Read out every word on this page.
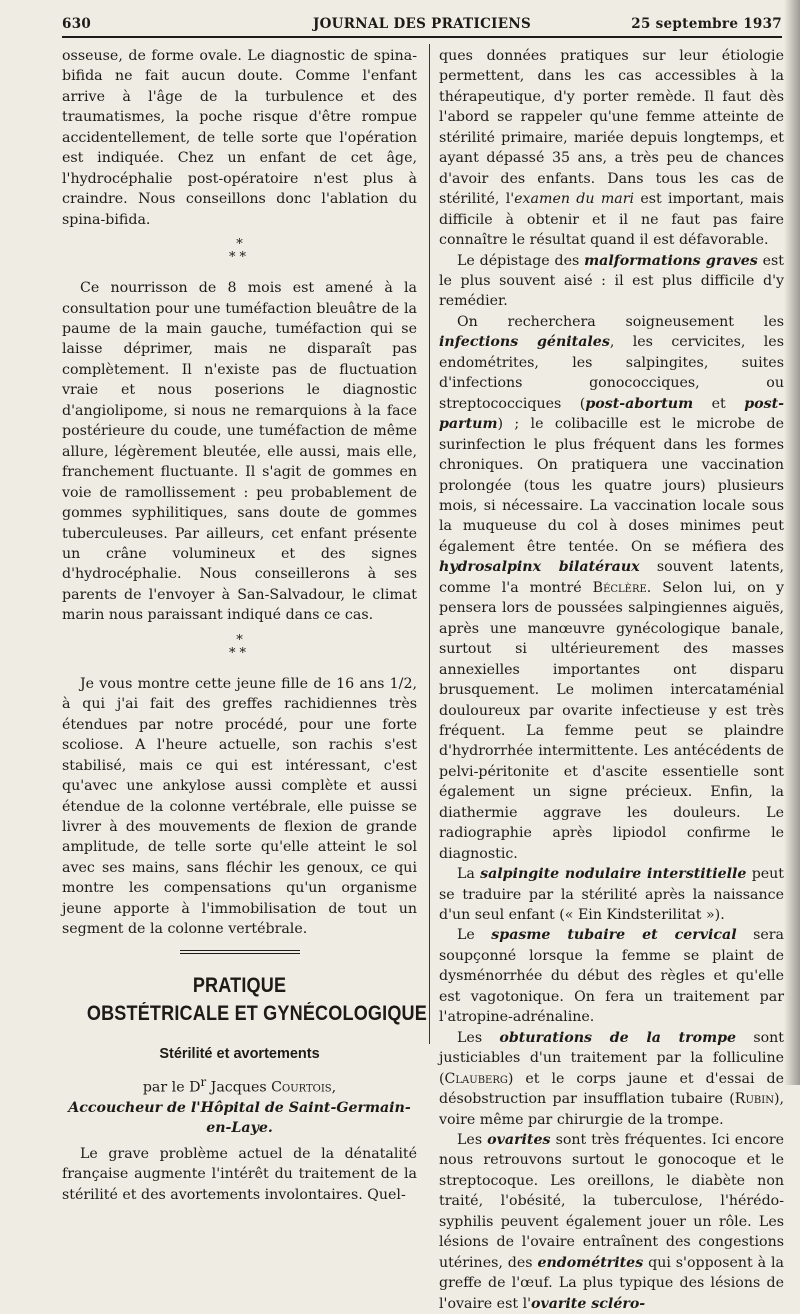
630	JOURNAL DES PRATICIENS	25 septembre 1937

osseuse, de forme ovale. Le diagnostic de spina-bifida ne fait aucun doute. Comme l'enfant arrive à l'âge de la turbulence et des traumatismes, la poche risque d'être rompue accidentellement, de telle sorte que l'opération est indiquée. Chez un enfant de cet âge, l'hydrocéphalie post-opératoire n'est plus à craindre. Nous conseillons donc l'ablation du spina-bifida.

*
**

Ce nourrisson de 8 mois est amené à la consultation pour une tuméfaction bleuâtre de la paume de la main gauche, tuméfaction qui se laisse déprimer, mais ne disparaît pas complètement. Il n'existe pas de fluctuation vraie et nous poserions le diagnostic d'angiolipome, si nous ne remarquions à la face postérieure du coude, une tuméfaction de même allure, légèrement bleutée, elle aussi, mais elle, franchement fluctuante. Il s'agit de gommes en voie de ramollissement : peu probablement de gommes syphilitiques, sans doute de gommes tuberculeuses. Par ailleurs, cet enfant présente un crâne volumineux et des signes d'hydrocéphalie. Nous conseillerons à ses parents de l'envoyer à San-Salvadour, le climat marin nous paraissant indiqué dans ce cas.

*
**

Je vous montre cette jeune fille de 16 ans 1/2, à qui j'ai fait des greffes rachidiennes très étendues par notre procédé, pour une forte scoliose. A l'heure actuelle, son rachis s'est stabilisé, mais ce qui est intéressant, c'est qu'avec une ankylose aussi complète et aussi étendue de la colonne vertébrale, elle puisse se livrer à des mouvements de flexion de grande amplitude, de telle sorte qu'elle atteint le sol avec ses mains, sans fléchir les genoux, ce qui montre les compensations qu'un organisme jeune apporte à l'immobilisation de tout un segment de la colonne vertébrale.

PRATIQUE
OBSTÉTRICALE ET GYNÉCOLOGIQUE
Stérilité et avortements
par le $D^r$ Jacques Courtois,
Accoucheur de l'Hôpital de Saint-Germain-en-Laye.

Le grave problème actuel de la dénatalité française augmente l'intérêt du traitement de la stérilité et des avortements involontaires. Quel-

ques données pratiques sur leur étiologie permettent, dans les cas accessibles à la thérapeutique, d'y porter remède. Il faut dès l'abord se rappeler qu'une femme atteinte de stérilité primaire, mariée depuis longtemps, et ayant dépassé 35 ans, a très peu de chances d'avoir des enfants. Dans tous les cas de stérilité, l'examen du mari est important, mais difficile à obtenir et il ne faut pas faire connaître le résultat quand il est défavorable.

Le dépistage des malformations graves est le plus souvent aisé : il est plus difficile d'y remédier.

On recherchera soigneusement les infections génitales, les cervicites, les endométrites, les salpingites, suites d'infections gonococciques, ou streptococciques (post-abortum et post-partum) ; le colibacille est le microbe de surinfection le plus fréquent dans les formes chroniques. On pratiquera une vaccination prolongée (tous les quatre jours) plusieurs mois, si nécessaire. La vaccination locale sous la muqueuse du col à doses minimes peut également être tentée. On se méfiera des hydrosalpinx bilatéraux souvent latents, comme l'a montré Béclère. Selon lui, on y pensera lors de poussées salpingiennes aiguës, après une manœuvre gynécologique banale, surtout si ultérieurement des masses annexielles importantes ont disparu brusquement. Le molimen intercataménial douloureux par ovarite infectieuse y est très fréquent. La femme peut se plaindre d'hydrorrhée intermittente. Les antécédents de pelvi-péritonite et d'ascite essentielle sont également un signe précieux. Enfin, la diathermie aggrave les douleurs. Le radiographie après lipiodol confirme le diagnostic.

La salpingite nodulaire interstitielle peut se traduire par la stérilité après la naissance d'un seul enfant (« Ein Kindsterilitat »).

Le spasme tubaire et cervical sera soupçonné lorsque la femme se plaint de dysménorrhée du début des règles et qu'elle est vagotonique. On fera un traitement par l'atropine-adrénaline.

Les obturations de la trompe sont justiciables d'un traitement par la folliculine (Clauberg) et le corps jaune et d'essai de désobstruction par insufflation tubaire (Rubin), voire même par chirurgie de la trompe.

Les ovarites sont très fréquentes. Ici encore nous retrouvons surtout le gonocoque et le streptocoque. Les oreillons, le diabète non traité, l'obésité, la tuberculose, l'hérédo-syphilis peuvent également jouer un rôle. Les lésions de l'ovaire entraînent des congestions utérines, des endométrites qui s'opposent à la greffe de l'œuf. La plus typique des lésions de l'ovaire est l'ovarite scléro-
